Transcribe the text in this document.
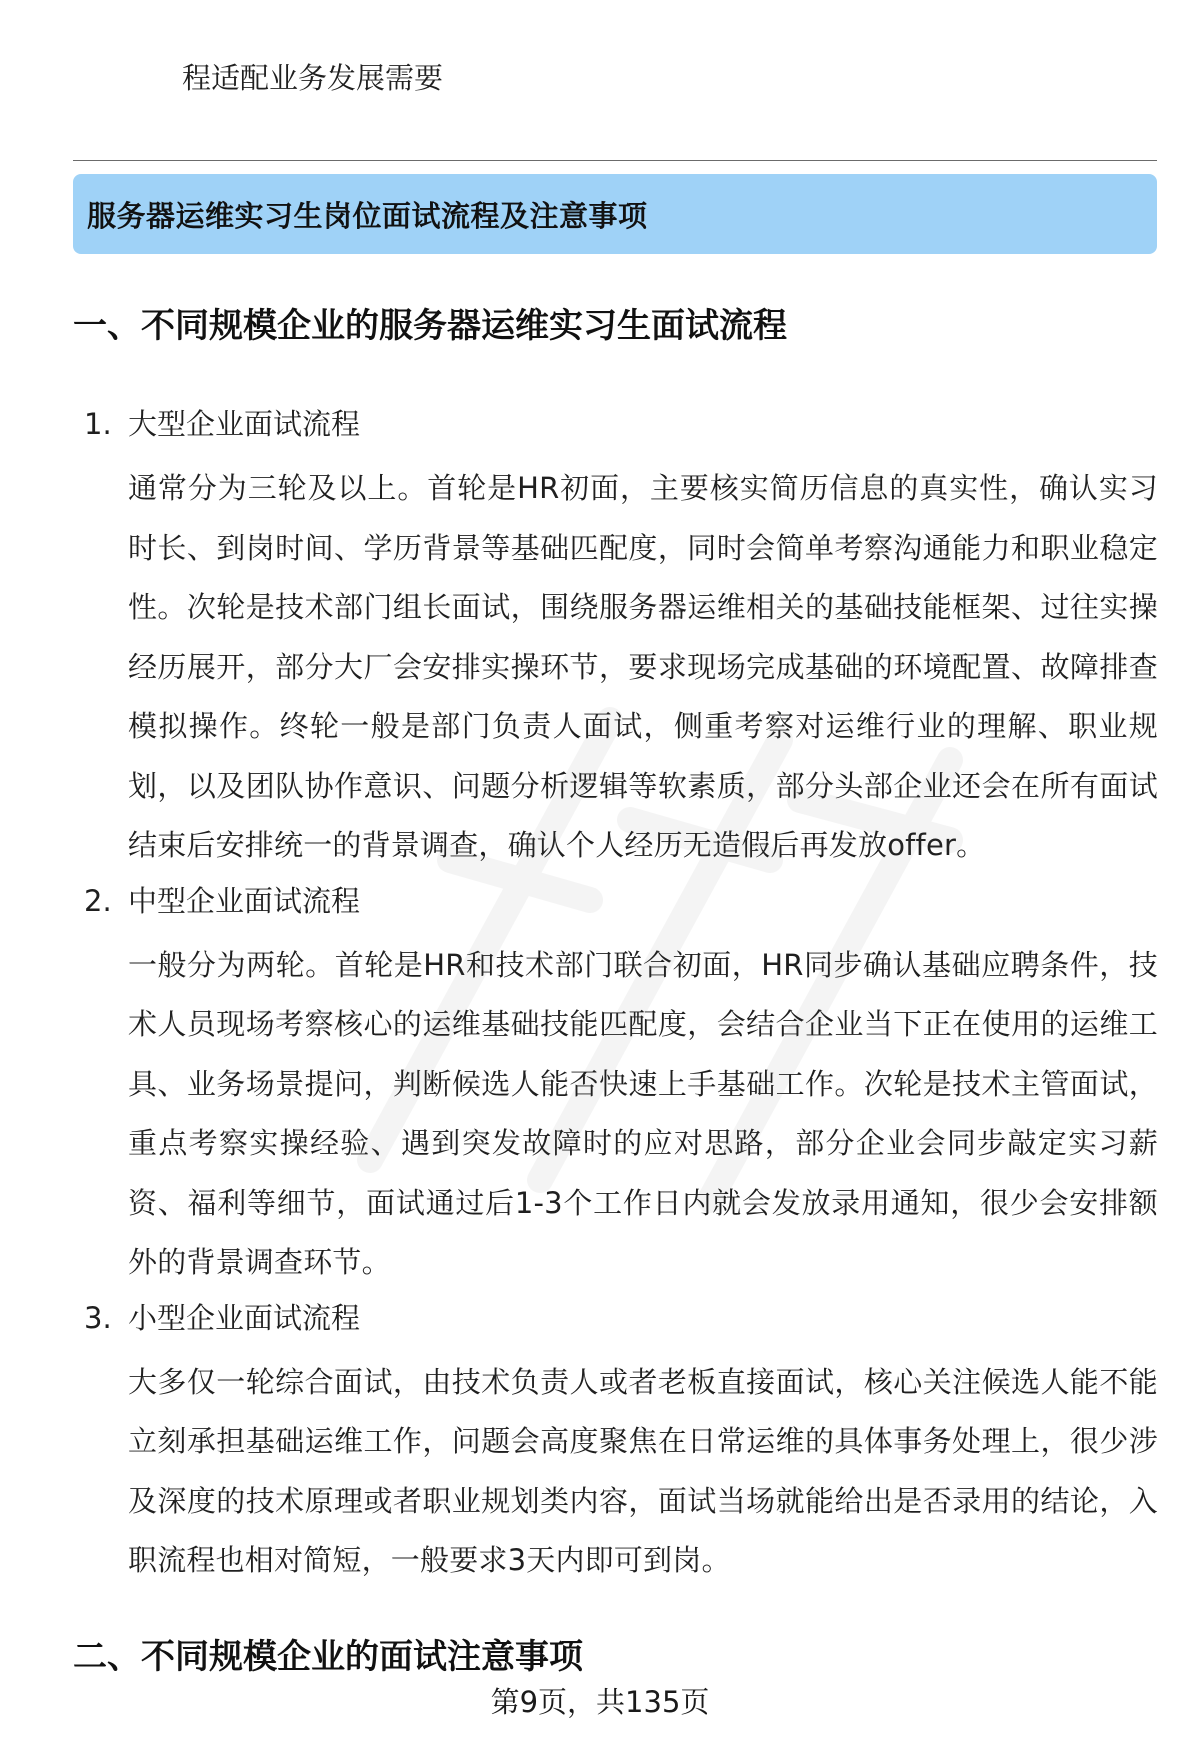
程适配业务发展需要
服务器运维实习生岗位面试流程及注意事项
一、不同规模企业的服务器运维实习生面试流程
1. 大型企业面试流程
通常分为三轮及以上。首轮是HR初面，主要核实简历信息的真实性，确认实习时长、到岗时间、学历背景等基础匹配度，同时会简单考察沟通能力和职业稳定性。次轮是技术部门组长面试，围绕服务器运维相关的基础技能框架、过往实操经历展开，部分大厂会安排实操环节，要求现场完成基础的环境配置、故障排查模拟操作。终轮一般是部门负责人面试，侧重考察对运维行业的理解、职业规划，以及团队协作意识、问题分析逻辑等软素质，部分头部企业还会在所有面试结束后安排统一的背景调查，确认个人经历无造假后再发放offer。
2. 中型企业面试流程
一般分为两轮。首轮是HR和技术部门联合初面，HR同步确认基础应聘条件，技术人员现场考察核心的运维基础技能匹配度，会结合企业当下正在使用的运维工具、业务场景提问，判断候选人能否快速上手基础工作。次轮是技术主管面试，重点考察实操经验、遇到突发故障时的应对思路，部分企业会同步敲定实习薪资、福利等细节，面试通过后1-3个工作日内就会发放录用通知，很少会安排额外的背景调查环节。
3. 小型企业面试流程
大多仅一轮综合面试，由技术负责人或者老板直接面试，核心关注候选人能不能立刻承担基础运维工作，问题会高度聚焦在日常运维的具体事务处理上，很少涉及深度的技术原理或者职业规划类内容，面试当场就能给出是否录用的结论，入职流程也相对简短，一般要求3天内即可到岗。
二、不同规模企业的面试注意事项
第9页，共135页
